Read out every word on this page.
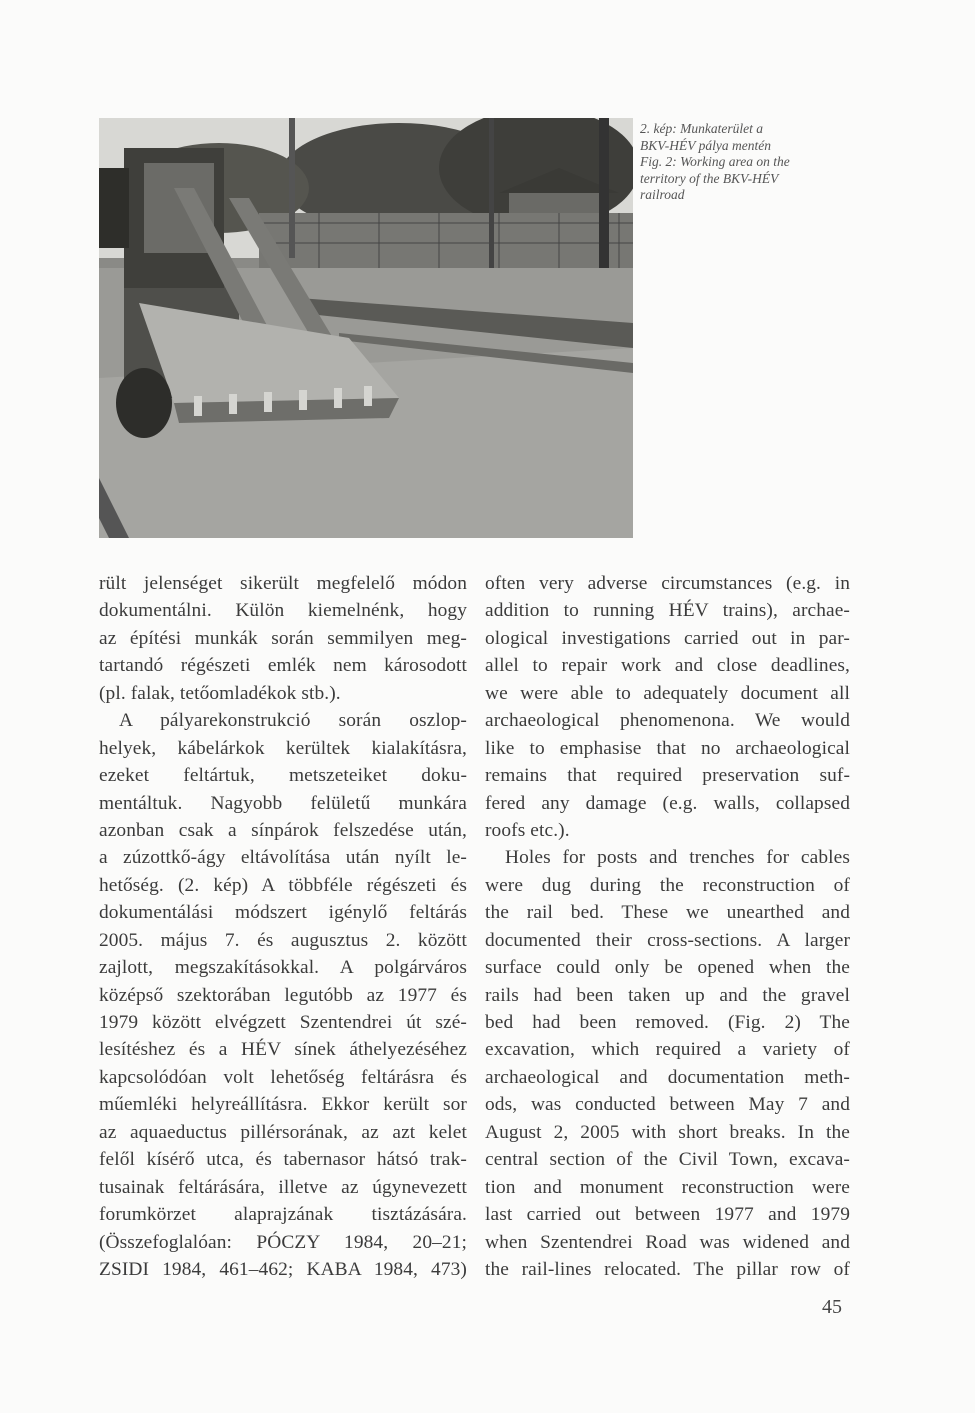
2. kép: Munkaterület a
BKV-HÉV pálya mentén
Fig. 2: Working area on the
territory of the BKV-HÉV
railroad
rült jelenséget sikerült megfelelő módon
dokumentálni. Külön kiemelnénk, hogy
az építési munkák során semmilyen meg-
tartandó régészeti emlék nem károsodott
(pl. falak, tetőomladékok stb.).
A pályarekonstrukció során oszlop-
helyek, kábelárkok kerültek kialakításra,
ezeket feltártuk, metszeteiket doku-
mentáltuk. Nagyobb felületű munkára
azonban csak a sínpárok felszedése után,
a zúzottkő-ágy eltávolítása után nyílt le-
hetőség. (2. kép) A többféle régészeti és
dokumentálási módszert igénylő feltárás
2005. május 7. és augusztus 2. között
zajlott, megszakításokkal. A polgárváros
középső szektorában legutóbb az 1977 és
1979 között elvégzett Szentendrei út szé-
lesítéshez és a HÉV sínek áthelyezéséhez
kapcsolódóan volt lehetőség feltárásra és
műemléki helyreállításra. Ekkor került sor
az aquaeductus pillérsorának, az azt kelet
felől kísérő utca, és tabernasor hátsó trak-
tusainak feltárására, illetve az úgynevezett
forumkörzet alaprajzának tisztázására.
(Összefoglalóan: PÓCZY 1984, 20–21;
ZSIDI 1984, 461–462; KABA 1984, 473)
often very adverse circumstances (e.g. in
addition to running HÉV trains), archae-
ological investigations carried out in par-
allel to repair work and close deadlines,
we were able to adequately document all
archaeological phenomenona. We would
like to emphasise that no archaeological
remains that required preservation suf-
fered any damage (e.g. walls, collapsed
roofs etc.).
Holes for posts and trenches for cables
were dug during the reconstruction of
the rail bed. These we unearthed and
documented their cross-sections. A larger
surface could only be opened when the
rails had been taken up and the gravel
bed had been removed. (Fig. 2) The
excavation, which required a variety of
archaeological and documentation meth-
ods, was conducted between May 7 and
August 2, 2005 with short breaks. In the
central section of the Civil Town, excava-
tion and monument reconstruction were
last carried out between 1977 and 1979
when Szentendrei Road was widened and
the rail-lines relocated. The pillar row of
45
